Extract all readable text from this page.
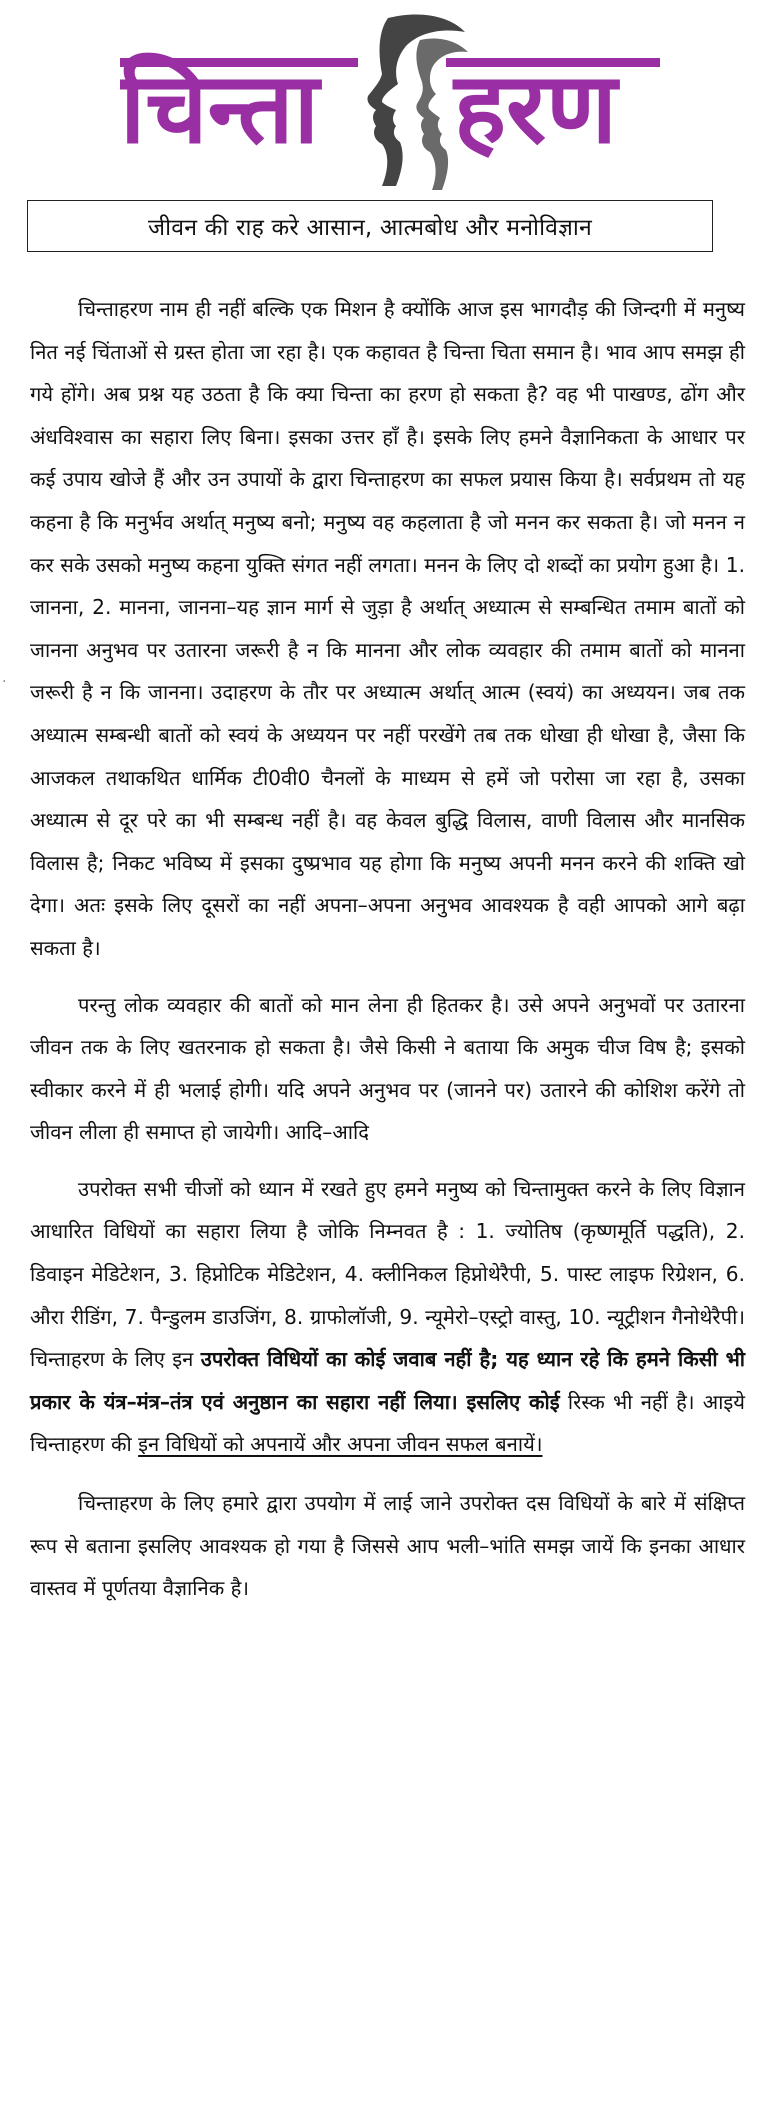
चिन्ता हरण
जीवन की राह करे आसान, आत्मबोध और मनोविज्ञान
·

चिन्ताहरण नाम ही नहीं बल्कि एक मिशन है क्योंकि आज इस भागदौड़ की जिन्दगी में मनुष्य नित नई चिंताओं से ग्रस्त होता जा रहा है। एक कहावत है चिन्ता चिता समान है। भाव आप समझ ही गये होंगे। अब प्रश्न यह उठता है कि क्या चिन्ता का हरण हो सकता है? वह भी पाखण्ड, ढोंग और अंधविश्वास का सहारा लिए बिना। इसका उत्तर हाँ है। इसके लिए हमने वैज्ञानिकता के आधार पर कई उपाय खोजे हैं और उन उपायों के द्वारा चिन्ताहरण का सफल प्रयास किया है। सर्वप्रथम तो यह कहना है कि मनुर्भव अर्थात् मनुष्य बनो; मनुष्य वह कहलाता है जो मनन कर सकता है। जो मनन न कर सके उसको मनुष्य कहना युक्ति संगत नहीं लगता। मनन के लिए दो शब्दों का प्रयोग हुआ है। 1. जानना, 2. मानना, जानना–यह ज्ञान मार्ग से जुड़ा है अर्थात् अध्यात्म से सम्बन्धित तमाम बातों को जानना अनुभव पर उतारना जरूरी है न कि मानना और लोक व्यवहार की तमाम बातों को मानना जरूरी है न कि जानना। उदाहरण के तौर पर अध्यात्म अर्थात् आत्म (स्वयं) का अध्ययन। जब तक अध्यात्म सम्बन्धी बातों को स्वयं के अध्ययन पर नहीं परखेंगे तब तक धोखा ही धोखा है, जैसा कि आजकल तथाकथित धार्मिक टी0वी0 चैनलों के माध्यम से हमें जो परोसा जा रहा है, उसका अध्यात्म से दूर परे का भी सम्बन्ध नहीं है। वह केवल बुद्धि विलास, वाणी विलास और मानसिक विलास है; निकट भविष्य में इसका दुष्प्रभाव यह होगा कि मनुष्य अपनी मनन करने की शक्ति खो देगा। अतः इसके लिए दूसरों का नहीं अपना–अपना अनुभव आवश्यक है वही आपको आगे बढ़ा सकता है।

परन्तु लोक व्यवहार की बातों को मान लेना ही हितकर है। उसे अपने अनुभवों पर उतारना जीवन तक के लिए खतरनाक हो सकता है। जैसे किसी ने बताया कि अमुक चीज विष है; इसको स्वीकार करने में ही भलाई होगी। यदि अपने अनुभव पर (जानने पर) उतारने की कोशिश करेंगे तो जीवन लीला ही समाप्त हो जायेगी। आदि–आदि

उपरोक्त सभी चीजों को ध्यान में रखते हुए हमने मनुष्य को चिन्तामुक्त करने के लिए विज्ञान आधारित विधियों का सहारा लिया है जोकि निम्नवत है : 1. ज्योतिष (कृष्णमूर्ति पद्धति), 2. डिवाइन मेडिटेशन, 3. हिप्नोटिक मेडिटेशन, 4. क्लीनिकल हिप्नोथेरैपी, 5. पास्ट लाइफ रिग्रेशन, 6. औरा रीडिंग, 7. पैन्डुलम डाउजिंग, 8. ग्राफोलॉजी, 9. न्यूमेरो–एस्ट्रो वास्तु, 10. न्यूट्रीशन गैनोथेरैपी। चिन्ताहरण के लिए इन उपरोक्त विधियों का कोई जवाब नहीं है; यह ध्यान रहे कि हमने किसी भी प्रकार के यंत्र–मंत्र–तंत्र एवं अनुष्ठान का सहारा नहीं लिया। इसलिए कोई रिस्क भी नहीं है। आइये चिन्ताहरण की इन विधियों को अपनायें और अपना जीवन सफल बनायें।

चिन्ताहरण के लिए हमारे द्वारा उपयोग में लाई जाने उपरोक्त दस विधियों के बारे में संक्षिप्त रूप से बताना इसलिए आवश्यक हो गया है जिससे आप भली–भांति समझ जायें कि इनका आधार वास्तव में पूर्णतया वैज्ञानिक है।
